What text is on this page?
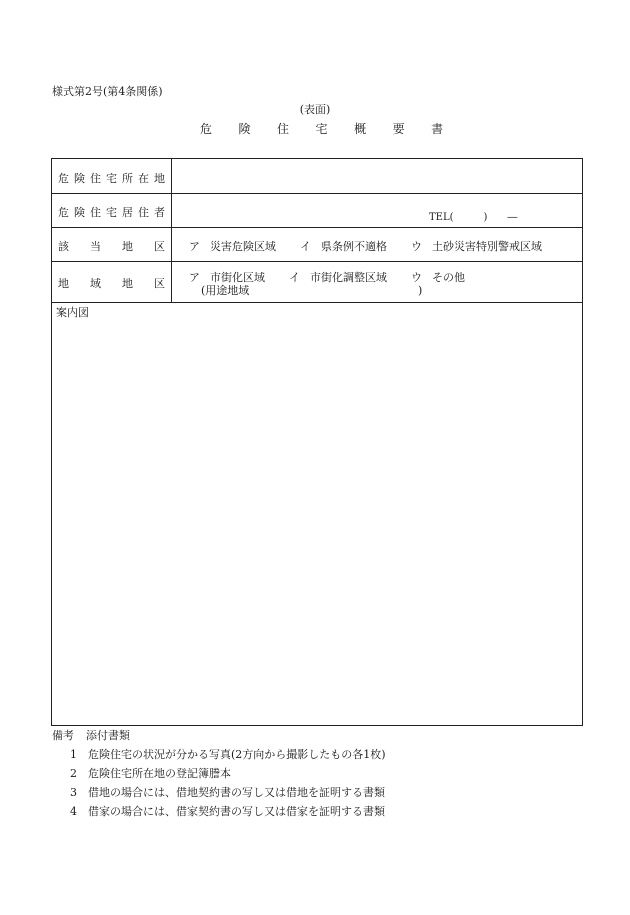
様式第2号(第4条関係)
(表面)
危 険 住 宅 概 要 書
危 険 住 宅 所 在 地
危 険 住 宅 居 住 者	TEL(　　　)　　―
該 当 地 区 ア 災害危険区域 イ 県条例不適格 ウ 土砂災害特別警戒区域
地 域 地 区 ア 市街化区域 イ 市街化調整区域 ウ その他
(用途地域	)
案内図
備考 添付書類
1 危険住宅の状況が分かる写真(2方向から撮影したもの各1枚)
2 危険住宅所在地の登記簿謄本
3 借地の場合には、借地契約書の写し又は借地を証明する書類
4 借家の場合には、借家契約書の写し又は借家を証明する書類
